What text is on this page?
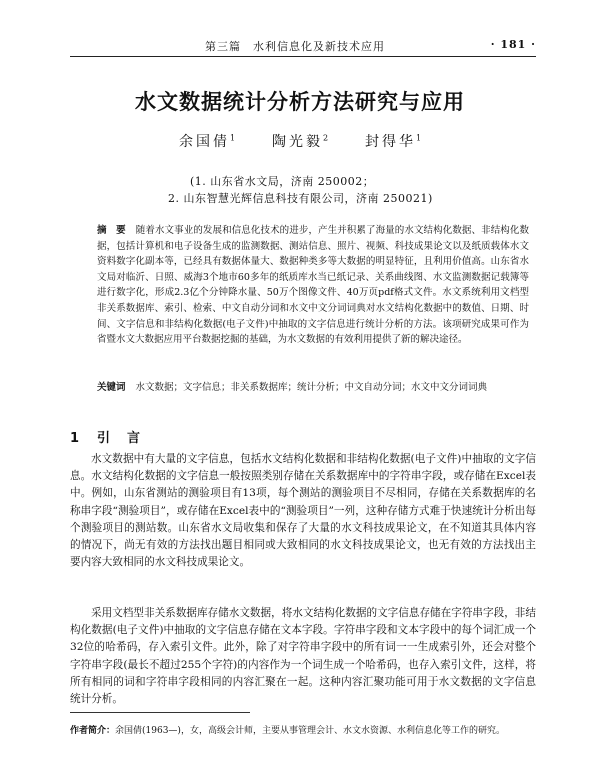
第三篇　水利信息化及新技术应用	· 181 ·
水文数据统计分析方法研究与应用
余国倩$^1$	陶光毅$^2$	封得华$^1$
(1. 山东省水文局，济南 250002；
2. 山东智慧光辉信息科技有限公司，济南 250021)
摘　要 随着水文事业的发展和信息化技术的进步，产生并积累了海量的水文结构化数据、非结构化数据，包括计算机和电子设备生成的监测数据、测站信息、照片、视频、科技成果论文以及纸质载体水文资料数字化副本等，已经具有数据体量大、数据种类多等大数据的明显特征，且利用价值高。山东省水文局对临沂、日照、威海3个地市60多年的纸质库水当已纸记录、关系曲线图、水文监测数据记载簿等进行数字化，形成2.3亿个分钟降水量、50万个图像文件、40万页pdf格式文件。水文系统利用文档型非关系数据库、索引、检索、中文自动分词和水文中文分词词典对水文结构化数据中的数值、日期、时间、文字信息和非结构化数据(电子文件)中抽取的文字信息进行统计分析的方法。该项研究成果可作为省暨水文大数据应用平台数据挖掘的基础，为水文数据的有效利用提供了新的解决途径。
关键词 水文数据；文字信息；非关系数据库；统计分析；中文自动分词；水文中文分词词典
1 引　言
水文数据中有大量的文字信息，包括水文结构化数据和非结构化数据(电子文件)中抽取的文字信息。水文结构化数据的文字信息一般按照类别存储在关系数据库中的字符串字段，或存储在Excel表中。例如，山东省测站的测验项目有13项，每个测站的测验项目不尽相同，存储在关系数据库的名称串字段“测验项目”，或存储在Excel表中的“测验项目”一列，这种存储方式难于快速统计分析出每个测验项目的测站数。山东省水文局收集和保存了大量的水文科技成果论文，在不知道其具体内容的情况下，尚无有效的方法找出题目相同或大致相同的水文科技成果论文，也无有效的方法找出主要内容大致相同的水文科技成果论文。
采用文档型非关系数据库存储水文数据，将水文结构化数据的文字信息存储在字符串字段，非结构化数据(电子文件)中抽取的文字信息存储在文本字段。字符串字段和文本字段中的每个词汇成一个32位的哈希码，存入索引文件。此外，除了对字符串字段中的所有词一一生成索引外，还会对整个字符串字段(最长不超过255个字符)的内容作为一个词生成一个哈希码，也存入索引文件，这样，将所有相同的词和字符串字段相同的内容汇聚在一起。这种内容汇聚功能可用于水文数据的文字信息统计分析。
作者简介：余国倩(1963—)，女，高级会计师，主要从事管理会计、水文水资源、水利信息化等工作的研究。
